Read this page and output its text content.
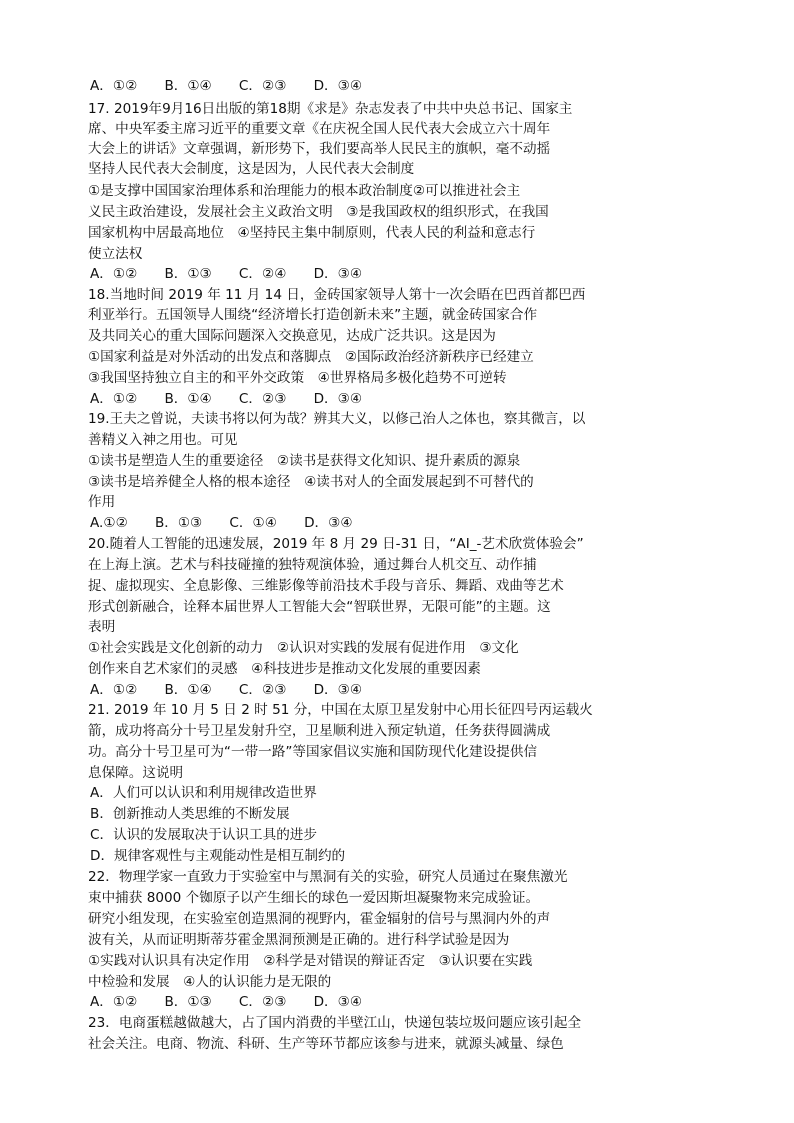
A．①②　　B．①④　　C．②③　　D．③④
17. 2019年9月16日出版的第18期《求是》杂志发表了中共中央总书记、国家主
席、中央军委主席习近平的重要文章《在庆祝全国人民代表大会成立六十周年
大会上的讲话》文章强调，新形势下，我们要高举人民民主的旗帜，毫不动摇
坚持人民代表大会制度，这是因为，人民代表大会制度
①是支撑中国国家治理体系和治理能力的根本政治制度②可以推进社会主
义民主政治建设，发展社会主义政治文明　③是我国政权的组织形式，在我国
国家机构中居最高地位　④坚持民主集中制原则，代表人民的利益和意志行
使立法权
A．①②　　B．①③　　C．②④　　D．③④
18.当地时间 2019 年 11 月 14 日，金砖国家领导人第十一次会晤在巴西首都巴西
利亚举行。五国领导人围绕“经济增长打造创新未来”主题，就金砖国家合作
及共同关心的重大国际问题深入交换意见，达成广泛共识。这是因为
①国家利益是对外活动的出发点和落脚点　②国际政治经济新秩序已经建立
③我国坚持独立自主的和平外交政策　④世界格局多极化趋势不可逆转
A．①②　　B．①④　　C．②③　　D．③④
19.王夫之曾说，夫读书将以何为哉？辨其大义，以修己治人之体也，察其微言，以
善精义入神之用也。可见
①读书是塑造人生的重要途径　②读书是获得文化知识、提升素质的源泉
③读书是培养健全人格的根本途径　④读书对人的全面发展起到不可替代的
作用
A.①②　　B．①③　　C．①④　　D．③④
20.随着人工智能的迅速发展，2019 年 8 月 29 日-31 日，“AI_-艺术欣赏体验会”
在上海上演。艺术与科技碰撞的独特观演体验，通过舞台人机交互、动作捕
捉、虚拟现实、全息影像、三维影像等前沿技术手段与音乐、舞蹈、戏曲等艺术
形式创新融合，诠释本届世界人工智能大会“智联世界，无限可能”的主题。这
表明
①社会实践是文化创新的动力　②认识对实践的发展有促进作用　③文化
创作来自艺术家们的灵感　④科技进步是推动文化发展的重要因素
A．①②　　B．①④　　C．②③　　D．③④
21. 2019 年 10 月 5 日 2 时 51 分，中国在太原卫星发射中心用长征四号丙运载火
箭，成功将高分十号卫星发射升空，卫星顺利进入预定轨道，任务获得圆满成
功。高分十号卫星可为“一带一路”等国家倡议实施和国防现代化建设提供信
息保障。这说明
A．人们可以认识和利用规律改造世界
B．创新推动人类思维的不断发展
C．认识的发展取决于认识工具的进步
D．规律客观性与主观能动性是相互制约的
22．物理学家一直致力于实验室中与黑洞有关的实验，研究人员通过在聚焦激光
束中捕获 8000 个铷原子以产生细长的球色一爱因斯坦凝聚物来完成验证。
研究小组发现，在实验室创造黑洞的视野内，霍金辐射的信号与黑洞内外的声
波有关，从而证明斯蒂芬霍金黑洞预测是正确的。进行科学试验是因为
①实践对认识具有决定作用　②科学是对错误的辩证否定　③认识要在实践
中检验和发展　④人的认识能力是无限的
A．①②　　B．①③　　C．②③　　D．③④
23．电商蛋糕越做越大，占了国内消费的半壁江山，快递包装垃圾问题应该引起全
社会关注。电商、物流、科研、生产等环节都应该参与进来，就源头减量、绿色
